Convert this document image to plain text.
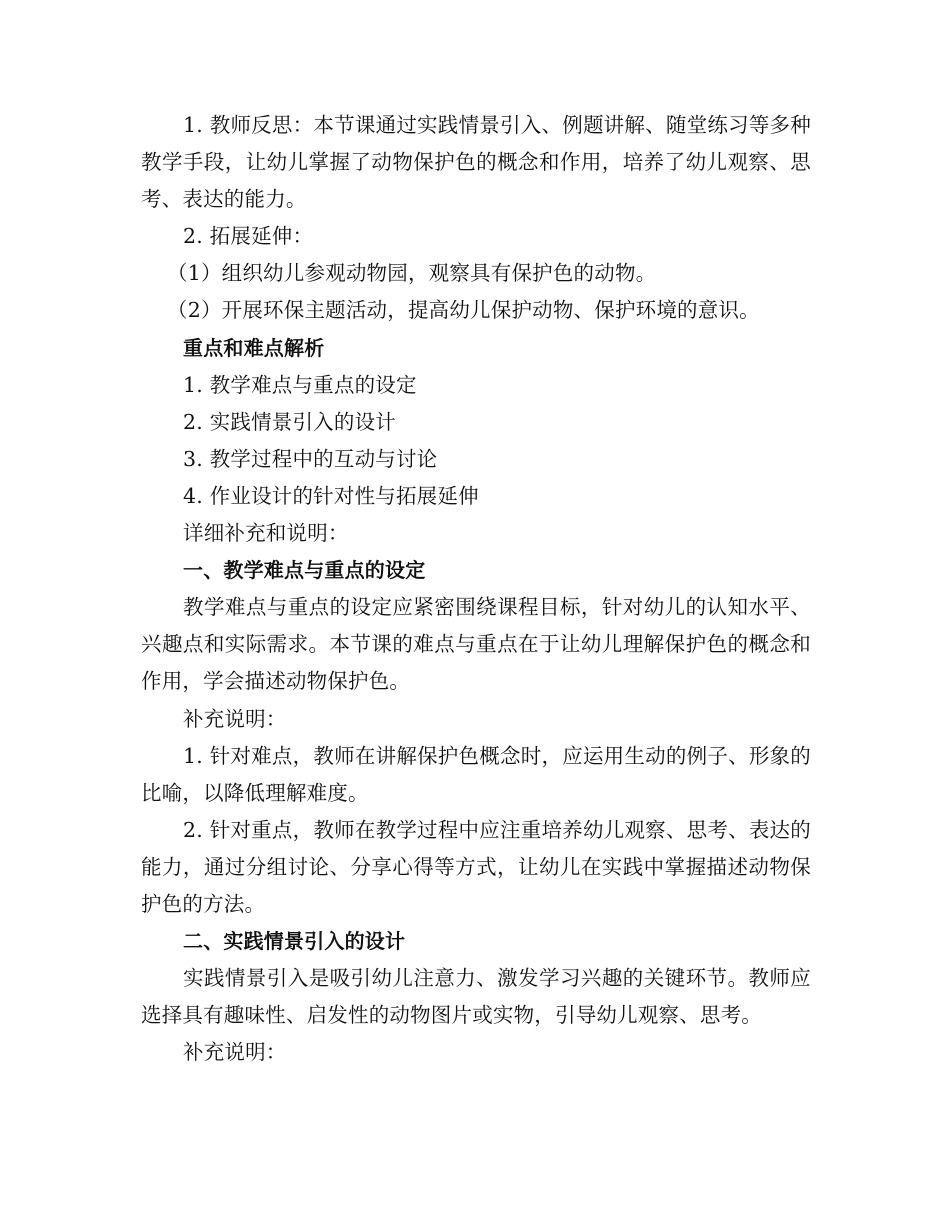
1. 教师反思：本节课通过实践情景引入、例题讲解、随堂练习等多种教学手段，让幼儿掌握了动物保护色的概念和作用，培养了幼儿观察、思考、表达的能力。

2. 拓展延伸：

（1）组织幼儿参观动物园，观察具有保护色的动物。

（2）开展环保主题活动，提高幼儿保护动物、保护环境的意识。

重点和难点解析

1. 教学难点与重点的设定

2. 实践情景引入的设计

3. 教学过程中的互动与讨论

4. 作业设计的针对性与拓展延伸

详细补充和说明：

一、教学难点与重点的设定

教学难点与重点的设定应紧密围绕课程目标，针对幼儿的认知水平、兴趣点和实际需求。本节课的难点与重点在于让幼儿理解保护色的概念和作用，学会描述动物保护色。

补充说明：

1. 针对难点，教师在讲解保护色概念时，应运用生动的例子、形象的比喻，以降低理解难度。

2. 针对重点，教师在教学过程中应注重培养幼儿观察、思考、表达的能力，通过分组讨论、分享心得等方式，让幼儿在实践中掌握描述动物保护色的方法。

二、实践情景引入的设计

实践情景引入是吸引幼儿注意力、激发学习兴趣的关键环节。教师应选择具有趣味性、启发性的动物图片或实物，引导幼儿观察、思考。

补充说明：
